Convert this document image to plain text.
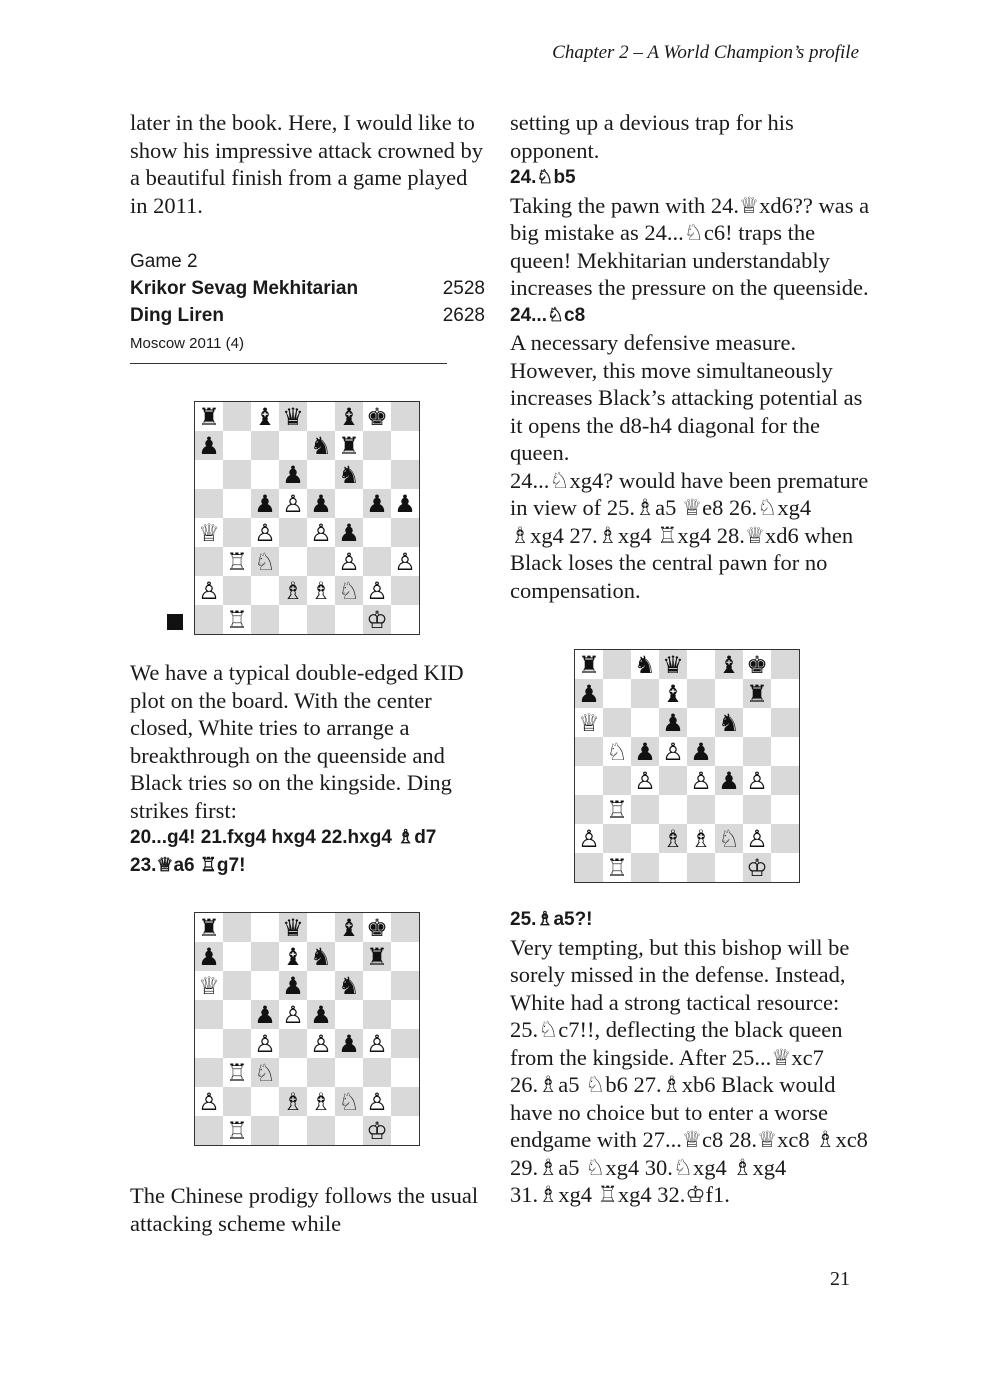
Chapter 2 – A World Champion’s profile

later in the book. Here, I would like to show his impressive attack crowned by a beautiful finish from a game played in 2011.

Game 2
Krikor Sevag Mekhitarian	2528
Ding Liren	2628
Moscow 2011 (4)
♜ ♝ ♛ ♝ ♚
♟	♞ ♜
♟ ♞
♟ ♙ ♟ ♟ ♟
♕ ♙ ♙ ♟
♖ ♘	♙ ♙
♙	♗ ♗ ♘ ♙
♖	♔

We have a typical double-edged KID plot on the board. With the center closed, White tries to arrange a breakthrough on the queenside and Black tries so on the kingside. Ding strikes first:

20...g4! 21.fxg4 hxg4 22.hxg4 ♗d7
23.♕a6 ♖g7!
♜	♛ ♝ ♚
♟	♝ ♞ ♜
♕	♟ ♞
♟ ♙ ♟
♙ ♙ ♟ ♙
♖ ♘
♙	♗ ♗ ♘ ♙
♖	♔

The Chinese prodigy follows the usual attacking scheme while

setting up a devious trap for his opponent.

24.♘b5

Taking the pawn with 24.♕xd6?? was a big mistake as 24...♘c6! traps the queen! Mekhitarian understandably increases the pressure on the queenside.

24...♘c8

A necessary defensive measure. However, this move simultaneously increases Black’s attacking potential as it opens the d8-h4 diagonal for the queen.

24...♘xg4? would have been premature in view of 25.♗a5 ♕e8 26.♘xg4 ♗xg4 27.♗xg4 ♖xg4 28.♕xd6 when Black loses the central pawn for no compensation.

♜ ♞ ♛ ♝ ♚
♟	♝	♜
♕	♟ ♞
♘ ♟ ♙ ♟
♙ ♙ ♟ ♙
♖
♙	♗ ♗ ♘ ♙
♖	♔
25.♗a5?!

Very tempting, but this bishop will be sorely missed in the defense. Instead, White had a strong tactical resource: 25.♘c7!!, deflecting the black queen from the kingside. After 25...♕xc7 26.♗a5 ♘b6 27.♗xb6 Black would have no choice but to enter a worse endgame with 27...♕c8 28.♕xc8 ♗xc8 29.♗a5 ♘xg4 30.♘xg4 ♗xg4 31.♗xg4 ♖xg4 32.♔f1.

21
